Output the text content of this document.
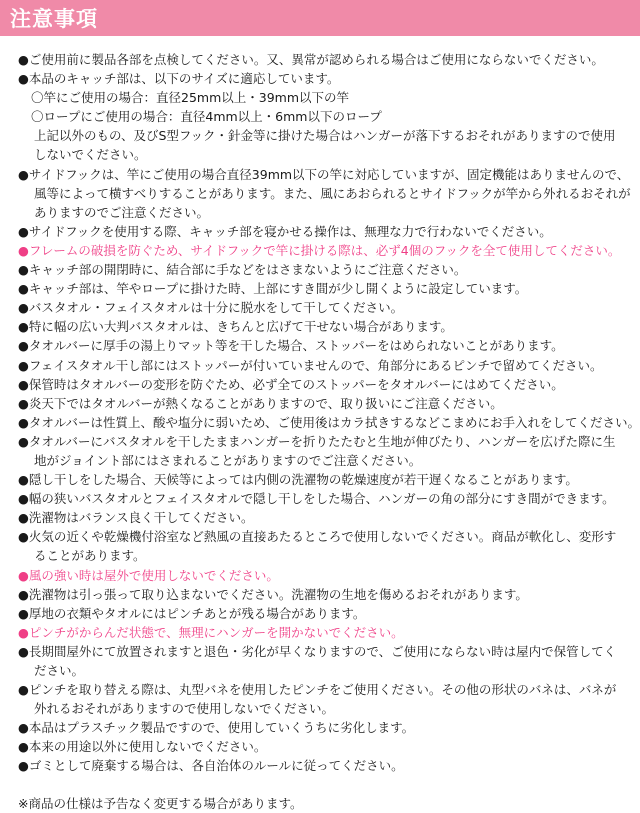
注意事項
●ご使用前に製品各部を点検してください。又、異常が認められる場合はご使用にならないでください。
●本品のキャッチ部は、以下のサイズに適応しています。
〇竿にご使用の場合：直径25mm以上・39mm以下の竿
〇ロープにご使用の場合：直径4mm以上・6mm以下のロープ
上記以外のもの、及びS型フック・針金等に掛けた場合はハンガーが落下するおそれがありますので使用
しないでください。
●サイドフックは、竿にご使用の場合直径39mm以下の竿に対応していますが、固定機能はありませんので、
風等によって横すべりすることがあります。また、風にあおられるとサイドフックが竿から外れるおそれが
ありますのでご注意ください。
●サイドフックを使用する際、キャッチ部を寝かせる操作は、無理な力で行わないでください。
●フレームの破損を防ぐため、サイドフックで竿に掛ける際は、必ず4個のフックを全て使用してください。
●キャッチ部の開閉時に、結合部に手などをはさまないようにご注意ください。
●キャッチ部は、竿やロープに掛けた時、上部にすき間が少し開くように設定しています。
●バスタオル・フェイスタオルは十分に脱水をして干してください。
●特に幅の広い大判バスタオルは、きちんと広げて干せない場合があります。
●タオルバーに厚手の湯上りマット等を干した場合、ストッパーをはめられないことがあります。
●フェイスタオル干し部にはストッパーが付いていませんので、角部分にあるピンチで留めてください。
●保管時はタオルバーの変形を防ぐため、必ず全てのストッパーをタオルバーにはめてください。
●炎天下ではタオルバーが熱くなることがありますので、取り扱いにご注意ください。
●タオルバーは性質上、酸や塩分に弱いため、ご使用後はカラ拭きするなどこまめにお手入れをしてください。
●タオルバーにバスタオルを干したままハンガーを折りたたむと生地が伸びたり、ハンガーを広げた際に生
地がジョイント部にはさまれることがありますのでご注意ください。
●隠し干しをした場合、天候等によっては内側の洗濯物の乾燥速度が若干遅くなることがあります。
●幅の狭いバスタオルとフェイスタオルで隠し干しをした場合、ハンガーの角の部分にすき間ができます。
●洗濯物はバランス良く干してください。
●火気の近くや乾燥機付浴室など熱風の直接あたるところで使用しないでください。商品が軟化し、変形す
ることがあります。
●風の強い時は屋外で使用しないでください。
●洗濯物は引っ張って取り込まないでください。洗濯物の生地を傷めるおそれがあります。
●厚地の衣類やタオルにはピンチあとが残る場合があります。
●ピンチがからんだ状態で、無理にハンガーを開かないでください。
●長期間屋外にて放置されますと退色・劣化が早くなりますので、ご使用にならない時は屋内で保管してく
ださい。
●ピンチを取り替える際は、丸型バネを使用したピンチをご使用ください。その他の形状のバネは、バネが
外れるおそれがありますので使用しないでください。
●本品はプラスチック製品ですので、使用していくうちに劣化します。
●本来の用途以外に使用しないでください。
●ゴミとして廃棄する場合は、各自治体のルールに従ってください。
※商品の仕様は予告なく変更する場合があります。
